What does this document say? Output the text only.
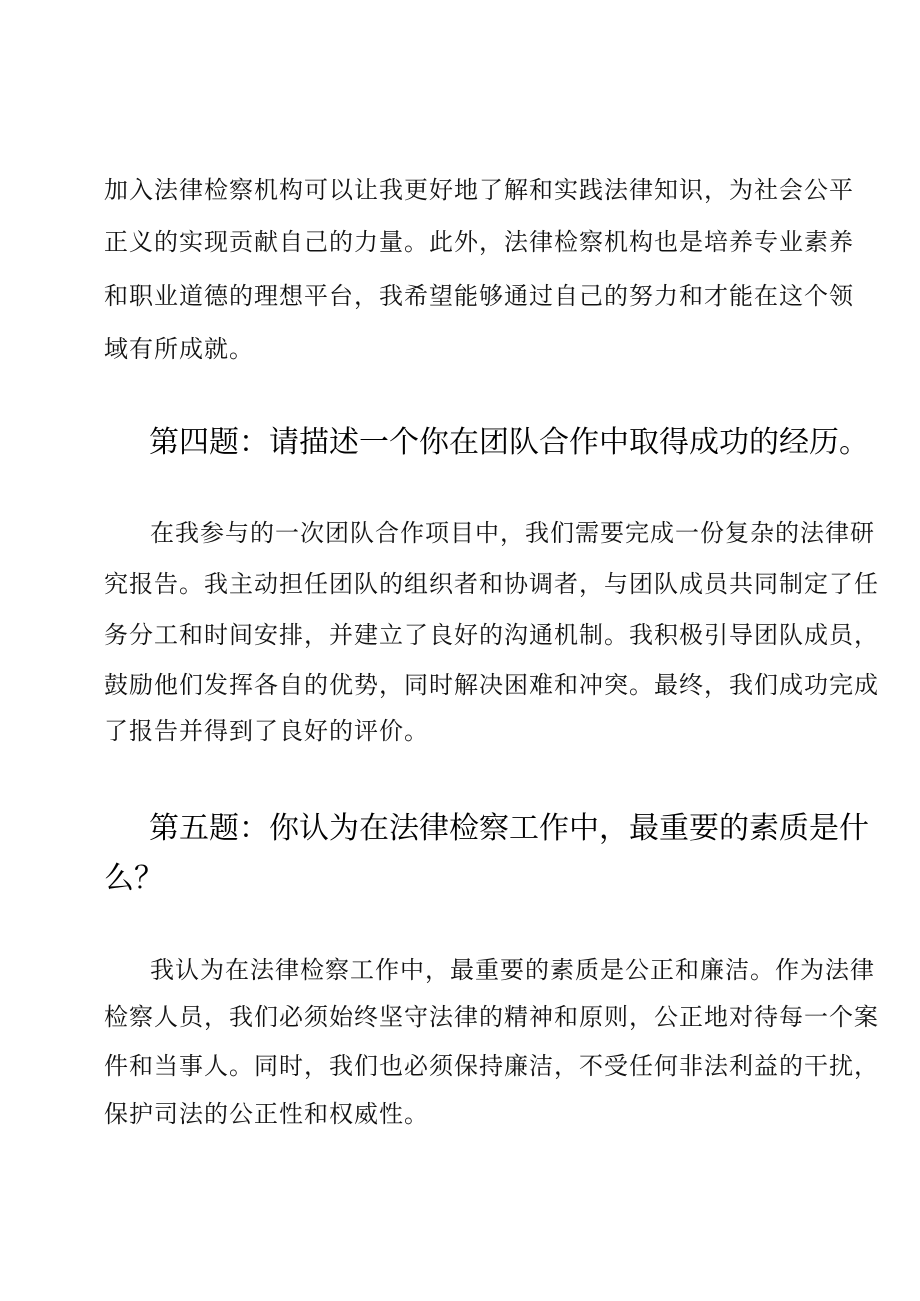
加入法律检察机构可以让我更好地了解和实践法律知识，为社会公平
正义的实现贡献自己的力量。此外，法律检察机构也是培养专业素养
和职业道德的理想平台，我希望能够通过自己的努力和才能在这个领
域有所成就。
第四题：请描述一个你在团队合作中取得成功的经历。
在我参与的一次团队合作项目中，我们需要完成一份复杂的法律研
究报告。我主动担任团队的组织者和协调者，与团队成员共同制定了任
务分工和时间安排，并建立了良好的沟通机制。我积极引导团队成员，
鼓励他们发挥各自的优势，同时解决困难和冲突。最终，我们成功完成
了报告并得到了良好的评价。
第五题：你认为在法律检察工作中，最重要的素质是什
么？
我认为在法律检察工作中，最重要的素质是公正和廉洁。作为法律
检察人员，我们必须始终坚守法律的精神和原则，公正地对待每一个案
件和当事人。同时，我们也必须保持廉洁，不受任何非法利益的干扰，
保护司法的公正性和权威性。
